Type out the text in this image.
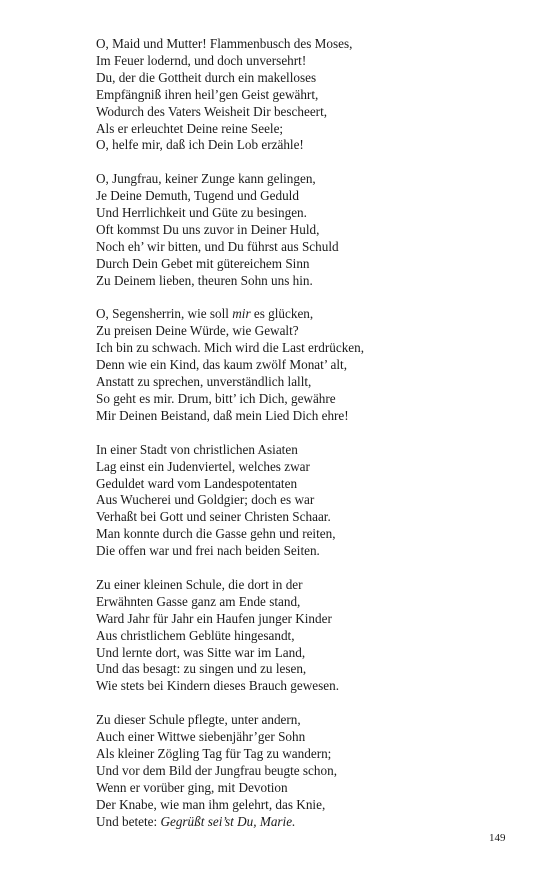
O, Maid und Mutter! Flammenbusch des Moses,
Im Feuer lodernd, und doch unversehrt!
Du, der die Gottheit durch ein makelloses
Empfängniß ihren heil’gen Geist gewährt,
Wodurch des Vaters Weisheit Dir bescheert,
Als er erleuchtet Deine reine Seele;
O, helfe mir, daß ich Dein Lob erzähle!
O, Jungfrau, keiner Zunge kann gelingen,
Je Deine Demuth, Tugend und Geduld
Und Herrlichkeit und Güte zu besingen.
Oft kommst Du uns zuvor in Deiner Huld,
Noch eh’ wir bitten, und Du führst aus Schuld
Durch Dein Gebet mit gütereichem Sinn
Zu Deinem lieben, theuren Sohn uns hin.
O, Segensherrin, wie soll mir es glücken,
Zu preisen Deine Würde, wie Gewalt?
Ich bin zu schwach. Mich wird die Last erdrücken,
Denn wie ein Kind, das kaum zwölf Monat’ alt,
Anstatt zu sprechen, unverständlich lallt,
So geht es mir. Drum, bitt’ ich Dich, gewähre
Mir Deinen Beistand, daß mein Lied Dich ehre!
In einer Stadt von christlichen Asiaten
Lag einst ein Judenviertel, welches zwar
Geduldet ward vom Landespotentaten
Aus Wucherei und Goldgier; doch es war
Verhaßt bei Gott und seiner Christen Schaar.
Man konnte durch die Gasse gehn und reiten,
Die offen war und frei nach beiden Seiten.
Zu einer kleinen Schule, die dort in der
Erwähnten Gasse ganz am Ende stand,
Ward Jahr für Jahr ein Haufen junger Kinder
Aus christlichem Geblüte hingesandt,
Und lernte dort, was Sitte war im Land,
Und das besagt: zu singen und zu lesen,
Wie stets bei Kindern dieses Brauch gewesen.
Zu dieser Schule pflegte, unter andern,
Auch einer Wittwe siebenjähr’ger Sohn
Als kleiner Zögling Tag für Tag zu wandern;
Und vor dem Bild der Jungfrau beugte schon,
Wenn er vorüber ging, mit Devotion
Der Knabe, wie man ihm gelehrt, das Knie,
Und betete: Gegrüßt sei’st Du, Marie.
149
